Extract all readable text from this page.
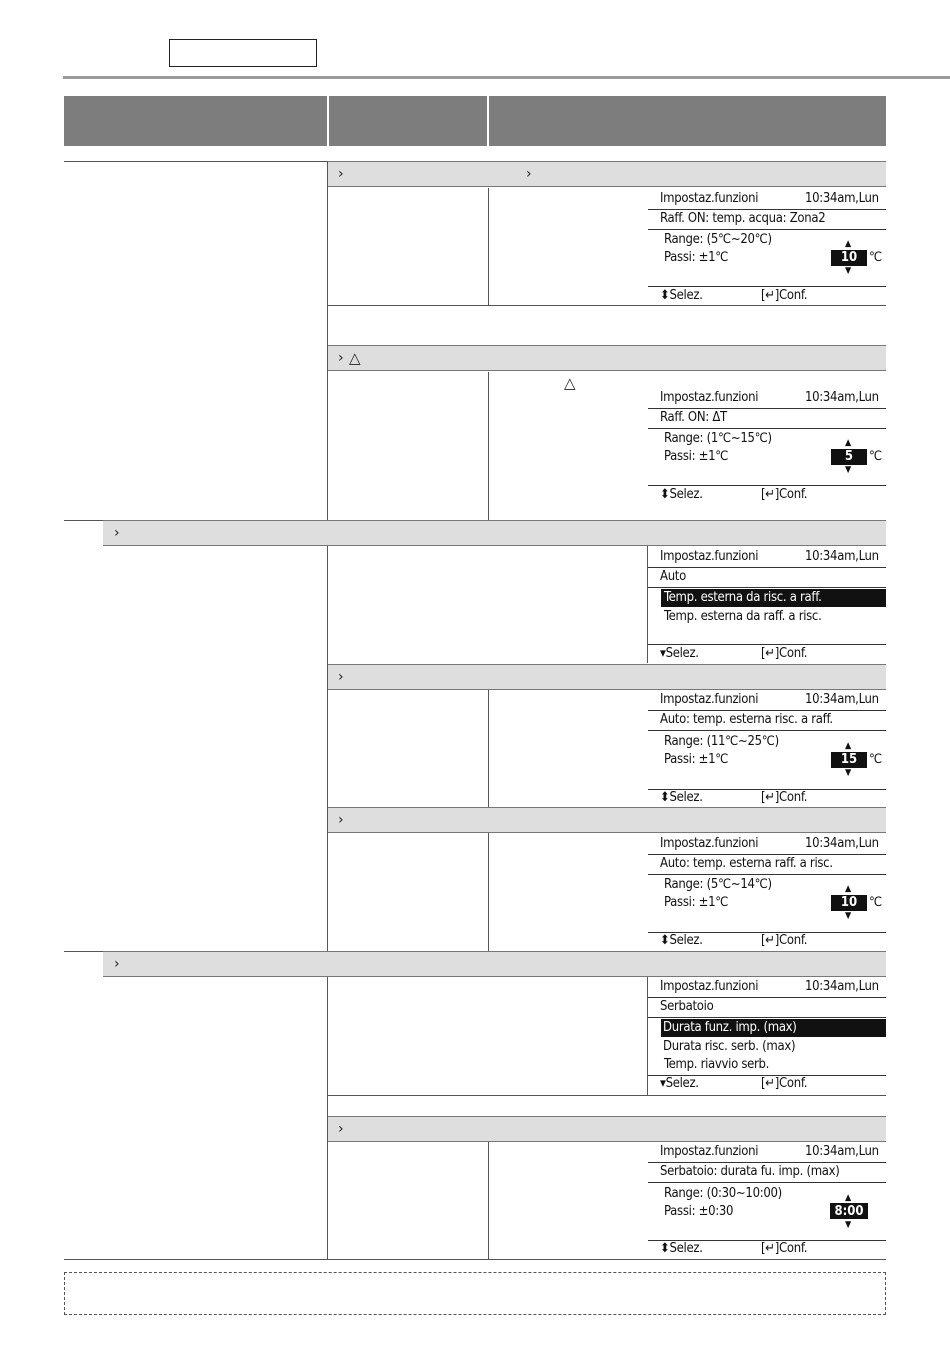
›	›
Impostaz.funzioni	10:34am,Lun
Raff. ON: temp. acqua: Zona2
Range: (5℃~20℃)
Passi: ±1℃
▲
10 ℃
▼
⬍Selez.	[↵]Conf.
› △
△
Impostaz.funzioni	10:34am,Lun
Raff. ON: ΔT
Range: (1℃~15℃)
Passi: ±1℃
▲
5	℃
▼
⬍Selez.	[↵]Conf.
›
Impostaz.funzioni	10:34am,Lun
Auto
Temp. esterna da risc. a raff.
Temp. esterna da raff. a risc.
▾Selez.	[↵]Conf.
›
Impostaz.funzioni	10:34am,Lun
Auto: temp. esterna risc. a raff.
Range: (11℃~25℃)
Passi: ±1℃
▲
15 ℃
▼
⬍Selez.	[↵]Conf.
›
Impostaz.funzioni	10:34am,Lun
Auto: temp. esterna raff. a risc.
Range: (5℃~14℃)
Passi: ±1℃
▲
10 ℃
▼
⬍Selez.	[↵]Conf.
›
Impostaz.funzioni	10:34am,Lun
Serbatoio
Durata funz. imp. (max)
Durata risc. serb. (max)
Temp. riavvio serb.
▾Selez.	[↵]Conf.
›
Impostaz.funzioni	10:34am,Lun
Serbatoio: durata fu. imp. (max)
Range: (0:30~10:00)
Passi: ±0:30
▲
8:00
▼
⬍Selez.	[↵]Conf.
